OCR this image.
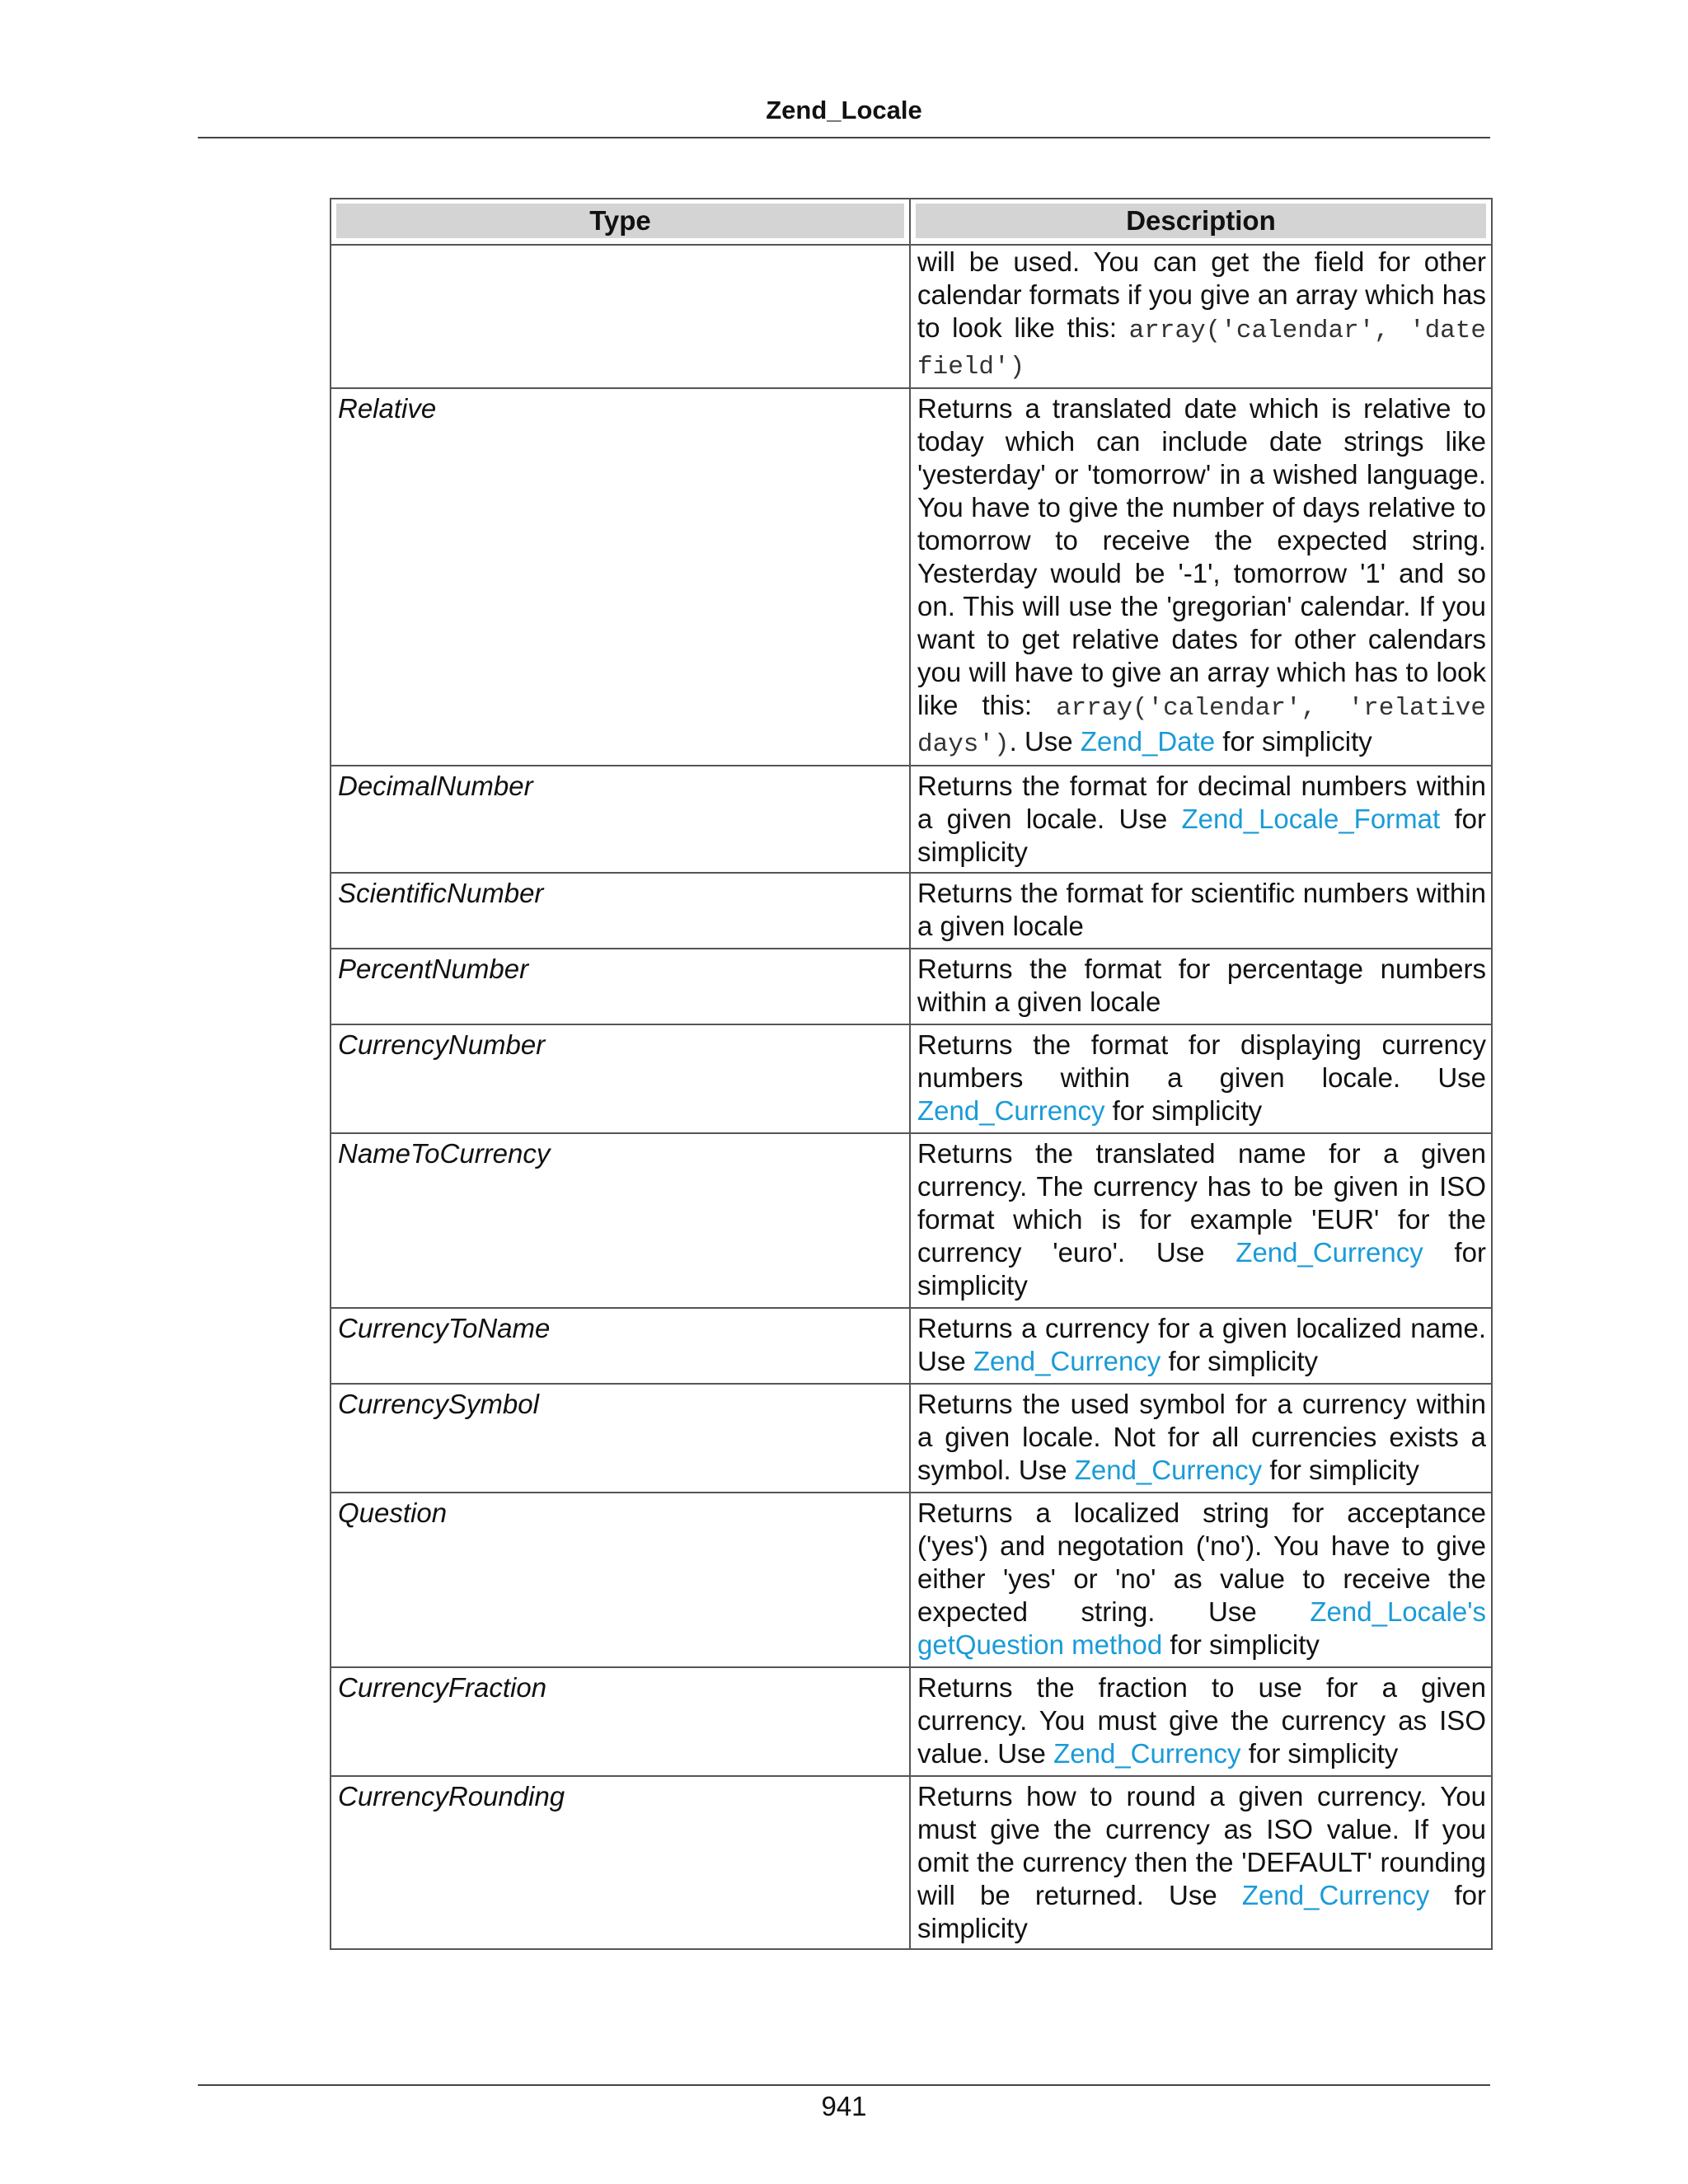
Zend_Locale
Type	Description

	will be used. You can get the field for other calendar formats if you give an array which has to look like this: array('calendar', 'date field')
Relative	Returns a translated date which is relative to today which can include date strings like 'yesterday' or 'tomorrow' in a wished language. You have to give the number of days relative to tomorrow to receive the expected string. Yesterday would be '-1', tomorrow '1' and so on. This will use the 'gregorian' calendar. If you want to get relative dates for other calendars you will have to give an array which has to look like this: array('calendar', 'relative days'). Use Zend_Date for simplicity
DecimalNumber	Returns the format for decimal numbers within a given locale. Use Zend_Locale_Format for simplicity
ScientificNumber	Returns the format for scientific numbers within a given locale
PercentNumber	Returns the format for percentage numbers within a given locale
CurrencyNumber	Returns the format for displaying currency numbers within a given locale. Use Zend_Currency for simplicity
NameToCurrency	Returns the translated name for a given currency. The currency has to be given in ISO format which is for example 'EUR' for the currency 'euro'. Use Zend_Currency for simplicity
CurrencyToName	Returns a currency for a given localized name. Use Zend_Currency for simplicity
CurrencySymbol	Returns the used symbol for a currency within a given locale. Not for all currencies exists a symbol. Use Zend_Currency for simplicity
Question	Returns a localized string for acceptance ('yes') and negotation ('no'). You have to give either 'yes' or 'no' as value to receive the expected string. Use Zend_Locale's getQuestion method for simplicity
CurrencyFraction	Returns the fraction to use for a given currency. You must give the currency as ISO value. Use Zend_Currency for simplicity
CurrencyRounding	Returns how to round a given currency. You must give the currency as ISO value. If you omit the currency then the 'DEFAULT' rounding will be returned. Use Zend_Currency for simplicity
941
